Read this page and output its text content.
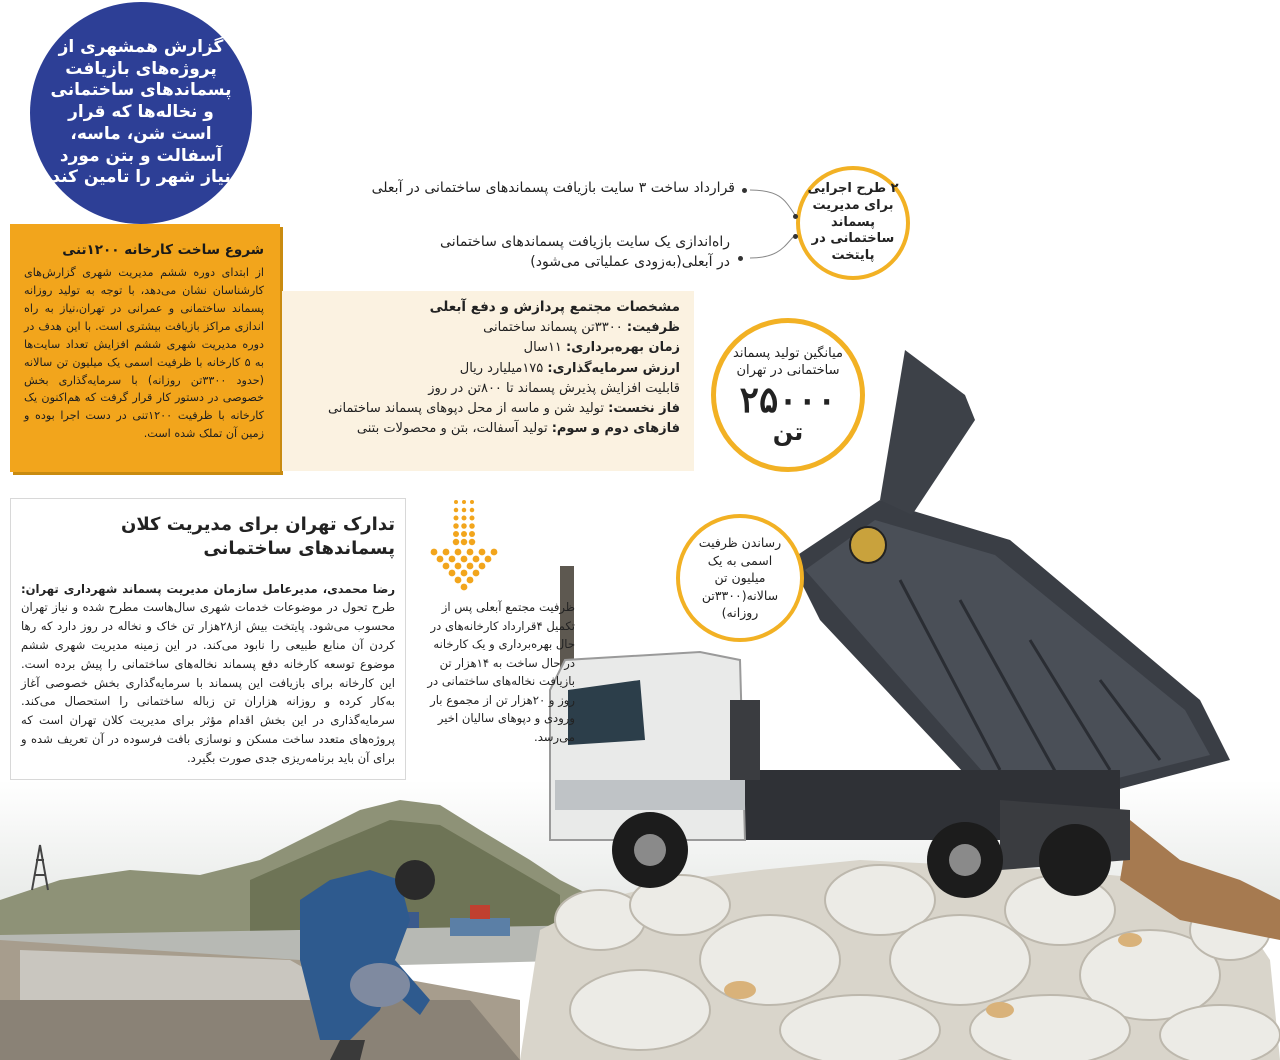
گزارش همشهری از پروژه‌های بازیافت پسماندهای ساختمانی و نخاله‌ها که قرار است شن، ماسه، آسفالت و بتن مورد نیاز شهر را تامین کند
۲ طرح اجرایی برای مدیریت پسماند ساختمانی در پایتخت
قرارداد ساخت ۳ سایت بازیافت پسماندهای ساختمانی در آبعلی
راه‌اندازی یک سایت بازیافت پسماندهای ساختمانی
در آبعلی(به‌زودی عملیاتی می‌شود)
شروع ساخت کارخانه ۱۲۰۰تنی

از ابتدای دوره ششم مدیریت شهری گزارش‌های کارشناسان نشان می‌دهد، با توجه به تولید روزانه پسماند ساختمانی و عمرانی در تهران،نیاز به راه اندازی مراکز بازیافت بیشتری است. با این هدف در دوره مدیریت شهری ششم افزایش تعداد سایت‌ها به ۵ کارخانه با ظرفیت اسمی یک میلیون تن سالانه (حدود ۳۳۰۰تن روزانه) با سرمایه‌گذاری بخش خصوصی در دستور کار قرار گرفت که هم‌اکنون یک کارخانه با ظرفیت ۱۲۰۰تنی در دست اجرا بوده و زمین آن تملک شده است.

مشخصات مجتمع پردازش و دفع آبعلی
ظرفیت: ۳۳۰۰تن پسماند ساختمانی
زمان بهره‌برداری: ۱۱سال
ارزش سرمایه‌گذاری: ۱۷۵میلیارد ریال
قابلیت افزایش پذیرش پسماند تا ۸۰۰تن در روز
فاز نخست: تولید شن و ماسه از محل دپوهای پسماند ساختمانی
فازهای دوم و سوم: تولید آسفالت، بتن و محصولات بتنی
میانگین تولید پسماند ساختمانی در تهران
۲۵۰۰۰
تن
رساندن ظرفیت اسمی به یک میلیون تن سالانه(۳۳۰۰تن روزانه)
تدارک تهران برای مدیریت کلان پسماندهای ساختمانی

رضا محمدی، مدیرعامل سازمان مدیریت پسماند شهرداری تهران: طرح تحول در موضوعات خدمات شهری سال‌هاست مطرح شده و نیاز تهران محسوب می‌شود. پایتخت بیش از۲۸هزار تن خاک و نخاله در روز دارد که رها کردن آن منابع طبیعی را نابود می‌کند. در این زمینه مدیریت شهری ششم موضوع توسعه کارخانه دفع پسماند نخاله‌های ساختمانی را پیش برده است. این کارخانه برای بازیافت این پسماند با سرمایه‌گذاری بخش خصوصی آغاز به‌کار کرده و روزانه هزاران تن زباله ساختمانی را استحصال می‌کند. سرمایه‌گذاری در این بخش اقدام مؤثر برای مدیریت کلان تهران است که پروژه‌های متعدد ساخت مسکن و نوسازی بافت فرسوده در آن تعریف شده و برای آن باید برنامه‌ریزی جدی صورت بگیرد.

ظرفیت مجتمع آبعلی پس از تکمیل ۴قرارداد کارخانه‌های در حال بهره‌برداری و یک کارخانه در حال ساخت به ۱۴هزار تن بازیافت نخاله‌های ساختمانی در روز و ۲۰هزار تن از مجموع بار ورودی و دپوهای سالیان اخیر می‌رسد.
